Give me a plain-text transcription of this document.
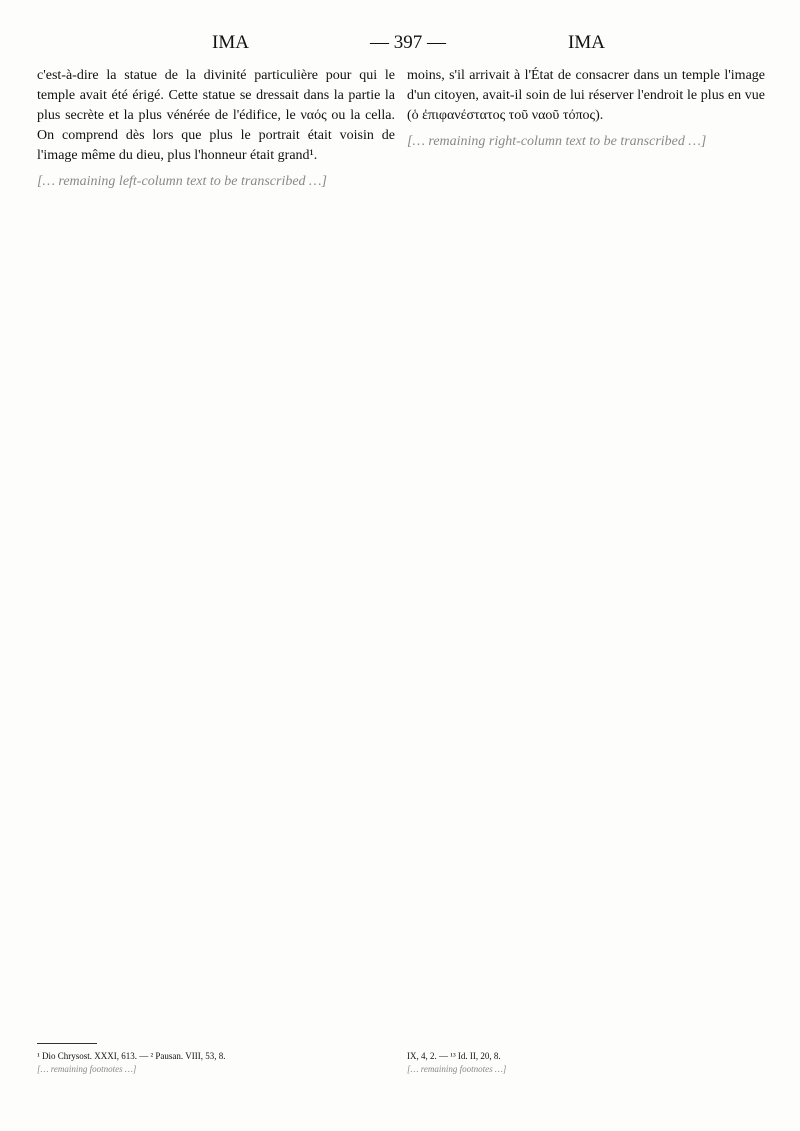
IMA	— 397 —	IMA

c'est-à-dire la statue de la divinité particulière pour qui le temple avait été érigé. Cette statue se dressait dans la partie la plus secrète et la plus vénérée de l'édifice, le ναός ou la cella. On comprend dès lors que plus le portrait était voisin de l'image même du dieu, plus l'honneur était grand¹.

[… remaining left-column text to be transcribed …]

moins, s'il arrivait à l'État de consacrer dans un temple l'image d'un citoyen, avait-il soin de lui réserver l'endroit le plus en vue (ὁ ἐπιφανέστατος τοῦ ναοῦ τόπος).

[… remaining right-column text to be transcribed …]

¹ Dio Chrysost. XXXI, 613. — ² Pausan. VIII, 53, 8.
[… remaining footnotes …]
IX, 4, 2. — ¹³ Id. II, 20, 8.
[… remaining footnotes …]
